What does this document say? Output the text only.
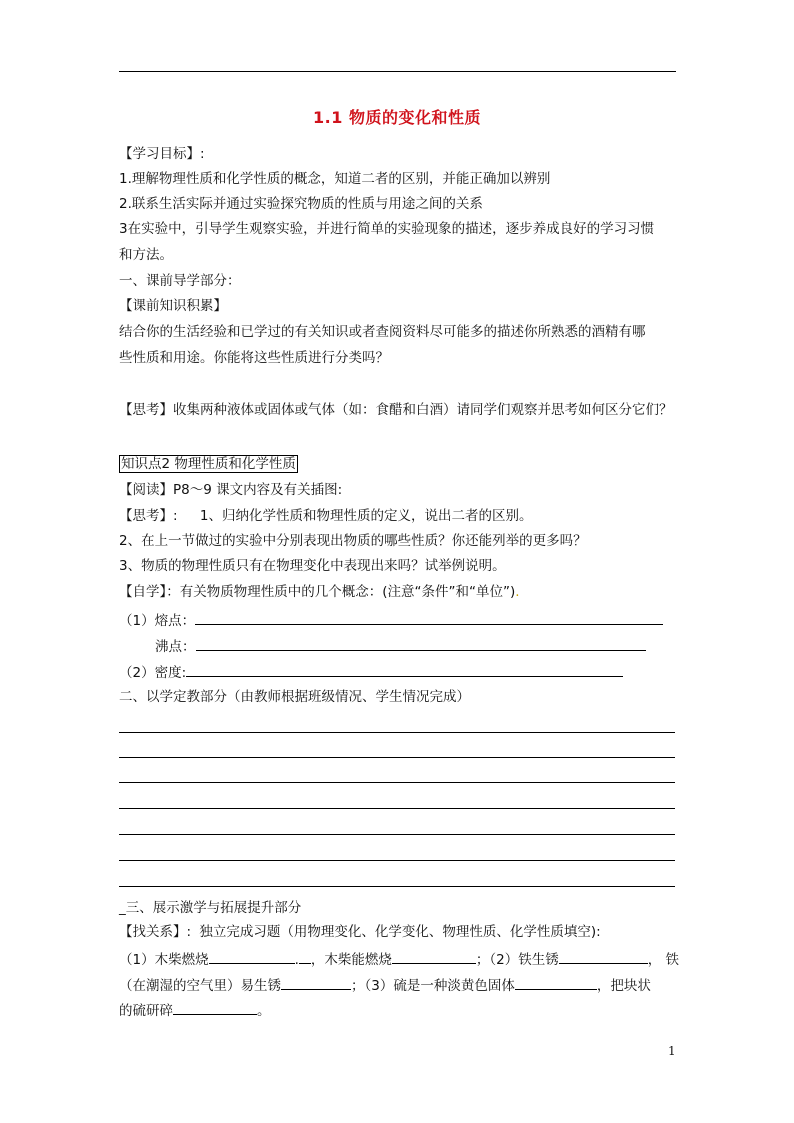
1.1 物质的变化和性质
【学习目标】:
1.理解物理性质和化学性质的概念，知道二者的区别，并能正确加以辨别
2.联系生活实际并通过实验探究物质的性质与用途之间的关系
3在实验中，引导学生观察实验，并进行简单的实验现象的描述，逐步养成良好的学习习惯
和方法。
一、课前导学部分：
【课前知识积累】
结合你的生活经验和已学过的有关知识或者查阅资料尽可能多的描述你所熟悉的酒精有哪
些性质和用途。你能将这些性质进行分类吗？
【思考】收集两种液体或固体或气体（如：食醋和白酒）请同学们观察并思考如何区分它们？
知识点2 物理性质和化学性质
【阅读】P8～9 课文内容及有关插图:
【思考】: 1、归纳化学性质和物理性质的定义，说出二者的区别。
2、在上一节做过的实验中分别表现出物质的哪些性质？你还能列举的更多吗？
3、物质的物理性质只有在物理变化中表现出来吗？试举例说明。
【自学】：有关物质物理性质中的几个概念：(注意“条件”和“单位”).
（1）熔点：
沸点：
（2）密度:
二、以学定教部分（由教师根据班级情况、学生情况完成）
_三、展示激学与拓展提升部分
【找关系】: 独立完成习题（用物理变化、化学变化、物理性质、化学性质填空):
（1）木柴燃烧	. ，木柴能燃烧	；（2）铁生锈	， 铁
（在潮湿的空气里）易生锈	；（3）硫是一种淡黄色固体	，把块状
的硫研碎	。
1
